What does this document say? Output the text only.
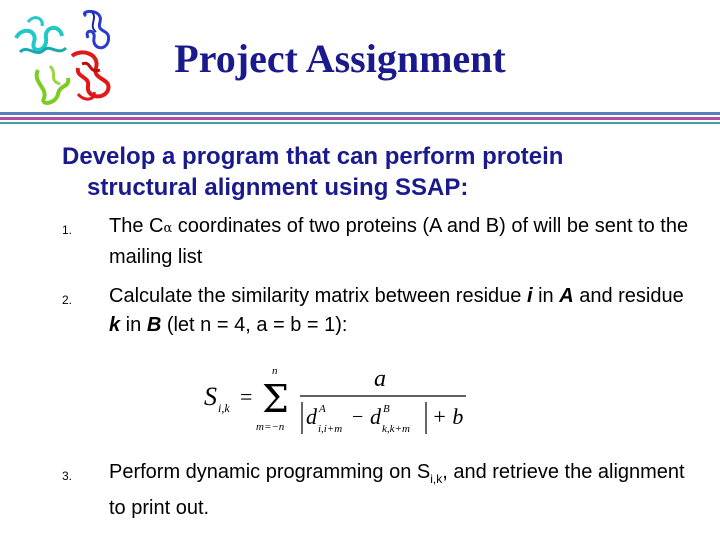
Project Assignment

Develop a program that can perform protein
structural alignment using SSAP:

1. The Cα coordinates of two proteins (A and B) of will be sent to the mailing list
2. Calculate the similarity matrix between residue i in A and residue k in B (let n = 4, a = b = 1):
S i,k =
n
Σ
m=−n
a
d A
i,i+m
− d B
k,k+m + b
3. Perform dynamic programming on $S_{i,k}$, and retrieve the alignment to print out.
